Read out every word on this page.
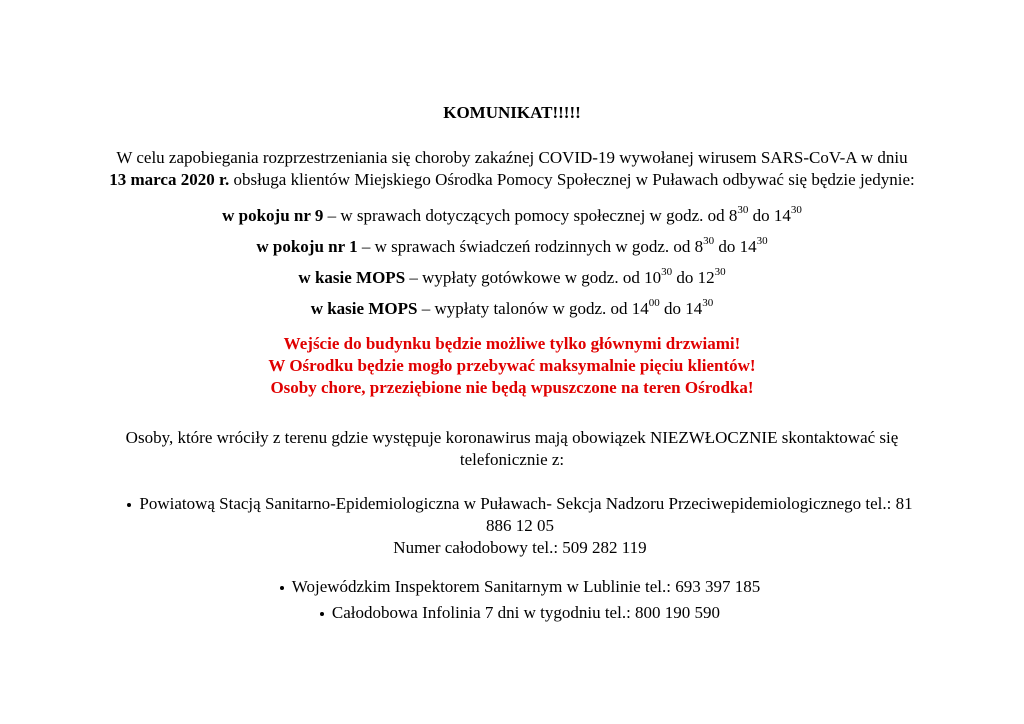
KOMUNIKAT!!!!!

W celu zapobiegania rozprzestrzeniania się choroby zakaźnej COVID-19 wywołanej wirusem SARS-CoV-A w dniu

13 marca 2020 r. obsługa klientów Miejskiego Ośrodka Pomocy Społecznej w Puławach odbywać się będzie jedynie:

w pokoju nr 9 – w sprawach dotyczących pomocy społecznej w godz. od $8^{30}$ do $14^{30}$
w pokoju nr 1 – w sprawach świadczeń rodzinnych w godz. od $8^{30}$ do $14^{30}$
w kasie MOPS – wypłaty gotówkowe w godz. od $10^{30}$ do $12^{30}$
w kasie MOPS – wypłaty talonów w godz. od $14^{00}$ do $14^{30}$
Wejście do budynku będzie możliwe tylko głównymi drzwiami!
W Ośrodku będzie mogło przebywać maksymalnie pięciu klientów!
Osoby chore, przeziębione nie będą wpuszczone na teren Ośrodka!
Osoby, które wróciły z terenu gdzie występuje koronawirus mają obowiązek NIEZWŁOCZNIE skontaktować się
telefonicznie z:
Powiatową Stacją Sanitarno-Epidemiologiczna w Puławach- Sekcja Nadzoru Przeciwepidemiologicznego tel.: 81
886 12 05
Numer całodobowy tel.: 509 282 119
Wojewódzkim Inspektorem Sanitarnym w Lublinie tel.: 693 397 185
Całodobowa Infolinia 7 dni w tygodniu tel.: 800 190 590
